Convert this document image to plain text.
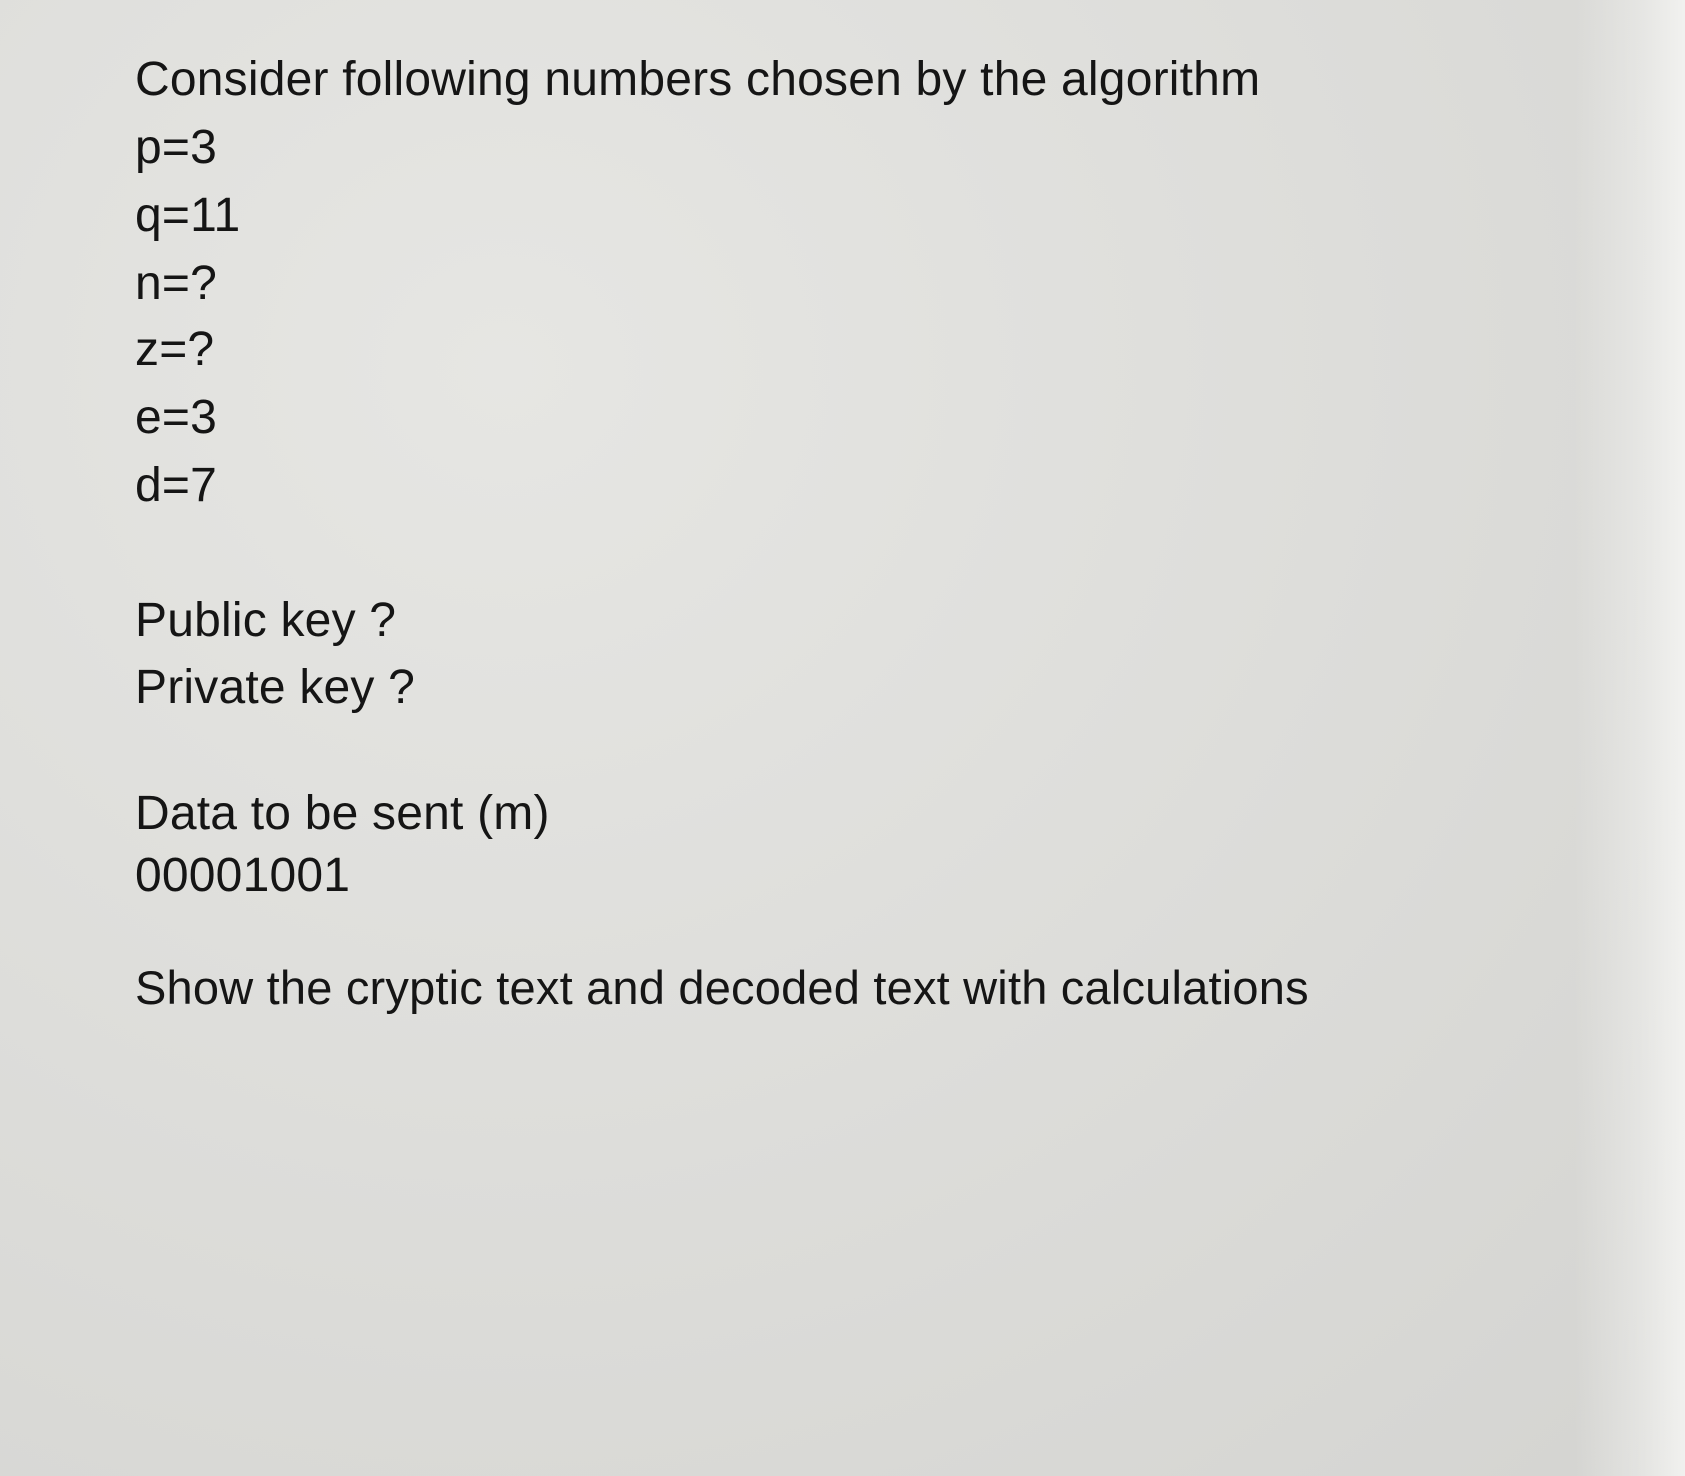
Consider following numbers chosen by the algorithm

p=3

q=11

n=?

z=?

e=3

d=7

Public key ?

Private key ?

Data to be sent (m)

00001001

Show the cryptic text and decoded text with calculations
